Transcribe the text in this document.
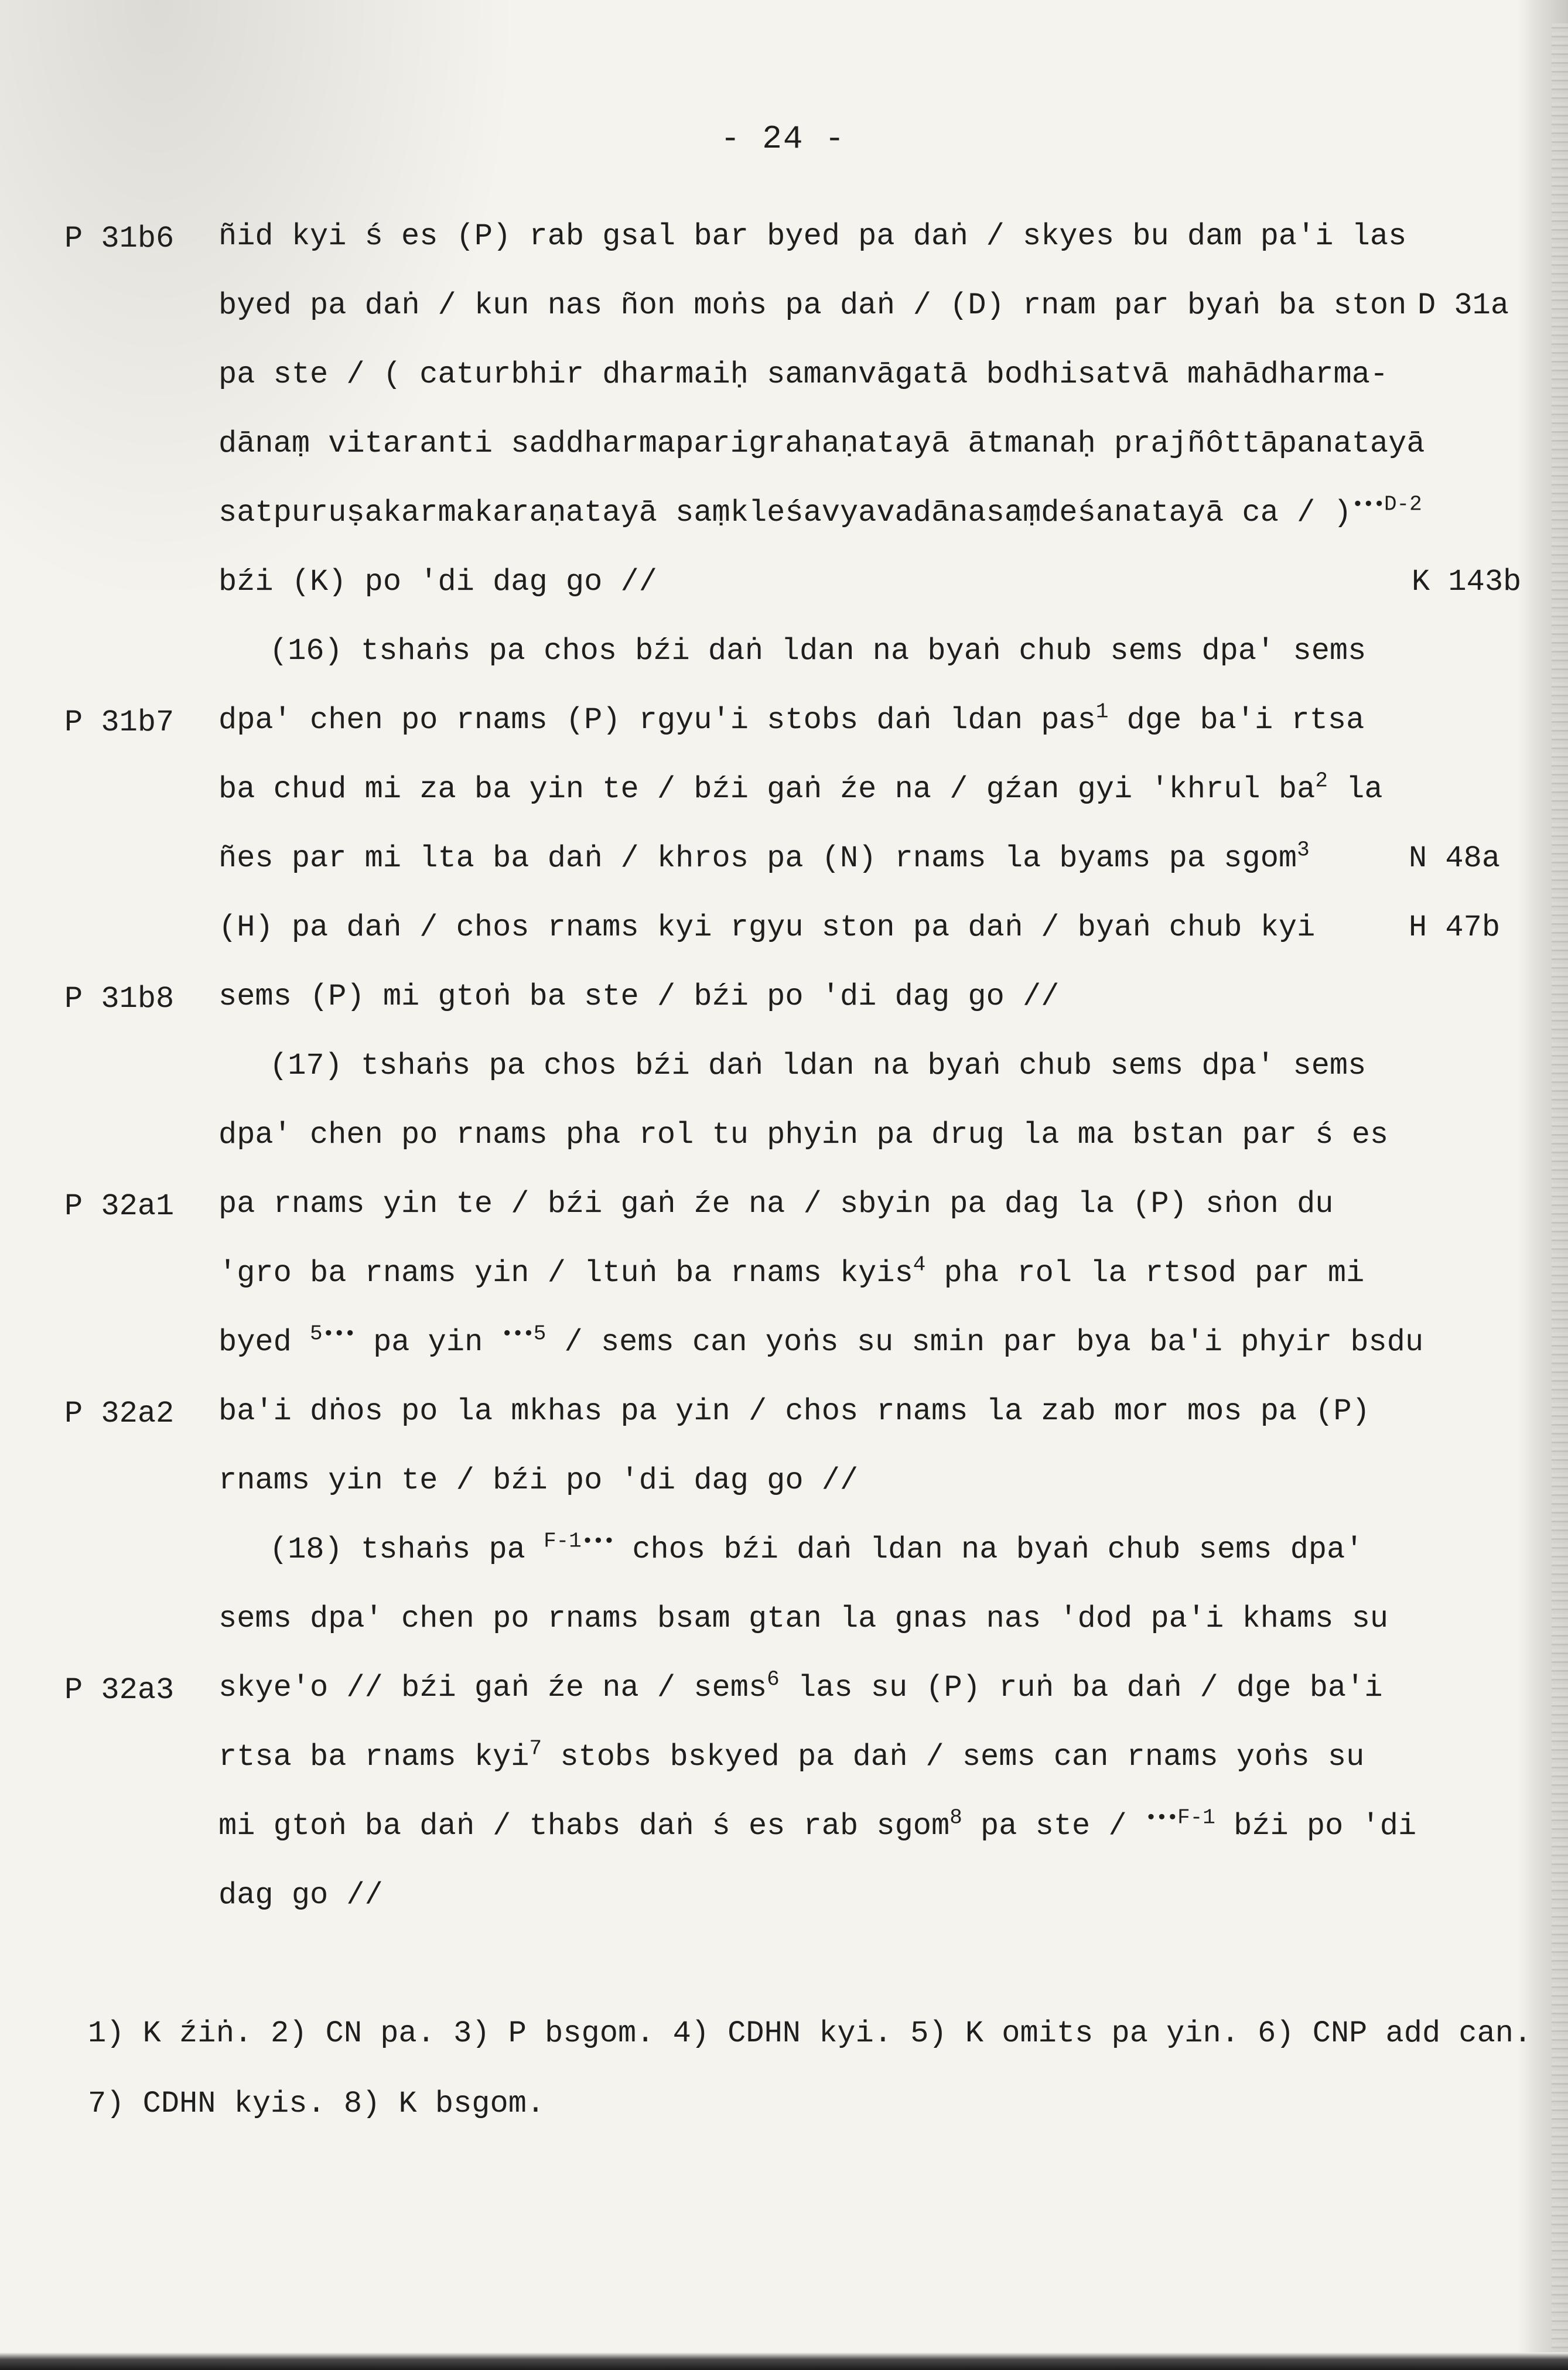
- 24 -
ñid kyi ś es (P) rab gsal bar byed pa daṅ / skyes bu dam pa′i las
byed pa daṅ / kun nas ñon moṅs pa daṅ / (D) rnam par byaṅ ba ston
pa ste / ( caturbhir dharmaiḥ samanvāgatā bodhisatvā mahādharma-
dānaṃ vitaranti saddharmaparigrahaṇatayā ātmanaḥ prajñôttāpanatayā
satpuruṣakarmakaraṇatayā saṃkleśavyavadānasaṃdeśanatayā ca / )$^{•••D-2}$
bźi (K) po ′di dag go //
(16) tshaṅs pa chos bźi daṅ ldan na byaṅ chub sems dpa′ sems
dpa′ chen po rnams (P) rgyu′i stobs daṅ ldan pas$^1$ dge ba′i rtsa
ba chud mi za ba yin te / bźi gaṅ źe na / gźan gyi ′khrul $ba^2$ la
ñes par mi lta ba daṅ / khros pa (N) rnams la byams pa sgom$^3$
(H) pa daṅ / chos rnams kyi rgyu ston pa daṅ / byaṅ chub kyi
sems (P) mi gtoṅ ba ste / bźi po ′di dag go //
(17) tshaṅs pa chos bźi daṅ ldan na byaṅ chub sems dpa′ sems
dpa′ chen po rnams pha rol tu phyin pa drug la ma bstan par ś es
pa rnams yin te / bźi gaṅ źe na / sbyin pa dag la (P) sṅon du
′gro ba rnams yin / ltuṅ ba rnams kyis$^4$ pha rol la rtsod par mi
byed $^{5•••}$ pa yin $^{•••5}$ / sems can yoṅs su smin par bya ba′i phyir bsdu
ba′i dṅos po la mkhas pa yin / chos rnams la zab mor mos pa (P)
rnams yin te / bźi po ′di dag go //
(18) tshaṅs pa $^{F-1•••}$ chos bźi daṅ ldan na byaṅ chub sems dpa′
sems dpa′ chen po rnams bsam gtan la gnas nas ′dod pa′i khams su
skye′o // bźi gaṅ źe na / sems$^6$ las su (P) ruṅ ba daṅ / dge ba′i
rtsa ba rnams kyi$^7$ stobs bskyed pa daṅ / sems can rnams yoṅs su
mi gtoṅ ba daṅ / thabs daṅ ś es rab sgom$^8$ pa ste / $^{•••F-1}$ bźi po ′di
dag go //
P 31b6
P 31b7
P 31b8
P 32a1
P 32a2
P 32a3
D 31a
K 143b
N 48a
H 47b
1) K źiṅ. 2) CN pa. 3) P bsgom. 4) CDHN kyi. 5) K omits pa yin. 6) CNP add can.
7) CDHN kyis. 8) K bsgom.
